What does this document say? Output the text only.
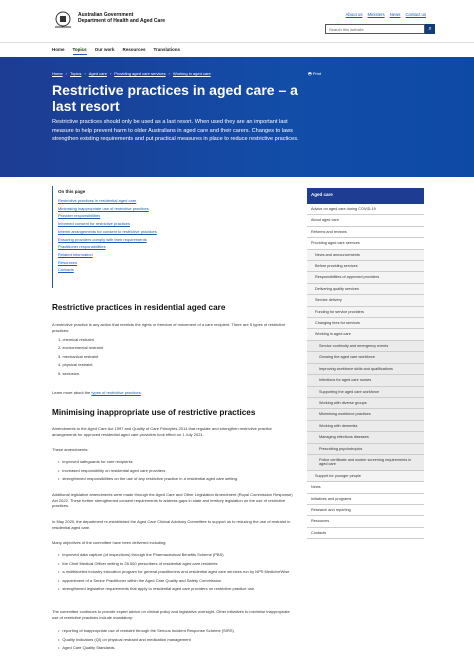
Australian Government
Department of Health and Aged Care
About us Ministers News Contact us
Search this website	⌕
Home Topics Our work Resources Translations
Home › Topics › Aged care › Providing aged care services › Working in aged care	🖶 Print
Restrictive practices in aged care – a last resort
Restrictive practices should only be used as a last resort. When used they are an important last measure to help prevent harm to older Australians in aged care and their carers. Changes to laws strengthen existing requirements and put practical measures in place to reduce restrictive practices.
On this page
Restrictive practices in residential aged care
Minimising inappropriate use of restrictive practices
Provider responsibilities
Informed consent for restrictive practices
Interim arrangements for consent to restrictive practices
Ensuring providers comply with their requirements
Practitioner responsibilities
Related information
Resources
Contacts
Restrictive practices in residential aged care
A restrictive practice is any action that restricts the rights or freedom of movement of a care recipient. There are 5 types of restrictive practices:
1. chemical restraint
2. environmental restraint
3. mechanical restraint
4. physical restraint
5. seclusion.
Learn more about the types of restrictive practices.
Minimising inappropriate use of restrictive practices
Amendments to the Aged Care Act 1997 and Quality of Care Principles 2014 that regulate and strengthen restrictive practice arrangements for approved residential aged care providers took effect on 1 July 2021.
These amendments:
• improved safeguards for care recipients
• increased responsibility on residential aged care providers
• strengthened responsibilities on the use of any restrictive practice in a residential aged care setting.
Additional legislative amendments were made through the Aged Care and Other Legislation Amendment (Royal Commission Response) Act 2022. These further strengthened consent requirements to address gaps in state and territory legislation on the use of restrictive practices.
In May 2020, the department re-established the Aged Care Clinical Advisory Committee to support us to reducing the use of restraint in residential aged care.
Many objectives of the committee have been delivered including:
• improved data capture (of inspections) through the Pharmaceutical Benefits Scheme (PBS)
• the Chief Medical Officer writing to 28,500 prescribers of residential aged care residents
• a multifaceted industry education program for general practitioners and residential aged care services run by NPS MedicineWise
• appointment of a Senior Practitioner within the Aged Care Quality and Safety Commission
• strengthened legislative requirements that apply to residential aged care providers on restrictive practice use.
The committee continues to provide expert advice on clinical policy and legislative oversight. Other initiatives to minimise inappropriate use of restrictive practices include mandatory:
• reporting of inappropriate use of restraint through the Serious Incident Response Scheme (SIRS)
• Quality Indicators (QI) on physical restraint and medication management
• Aged Care Quality Standards.
Aged care
Advice on aged care during COVID-19
About aged care
Reforms and reviews
Providing aged care services
News and announcements
Before providing services
Responsibilities of approved providers
Delivering quality services
Service delivery
Funding for service providers
Changing fees for services
Working in aged care
Service continuity and emergency events
Growing the aged care workforce
Improving workforce skills and qualifications
Infections for aged care nurses
Supporting the aged care workforce
Working with diverse groups
Minimising workforce practices
Working with dementia
Managing infectious diseases
Prescribing psychotropics
Police certificate and worker screening requirements in aged care
Support for younger people
News
Initiatives and programs
Research and reporting
Resources
Contacts
